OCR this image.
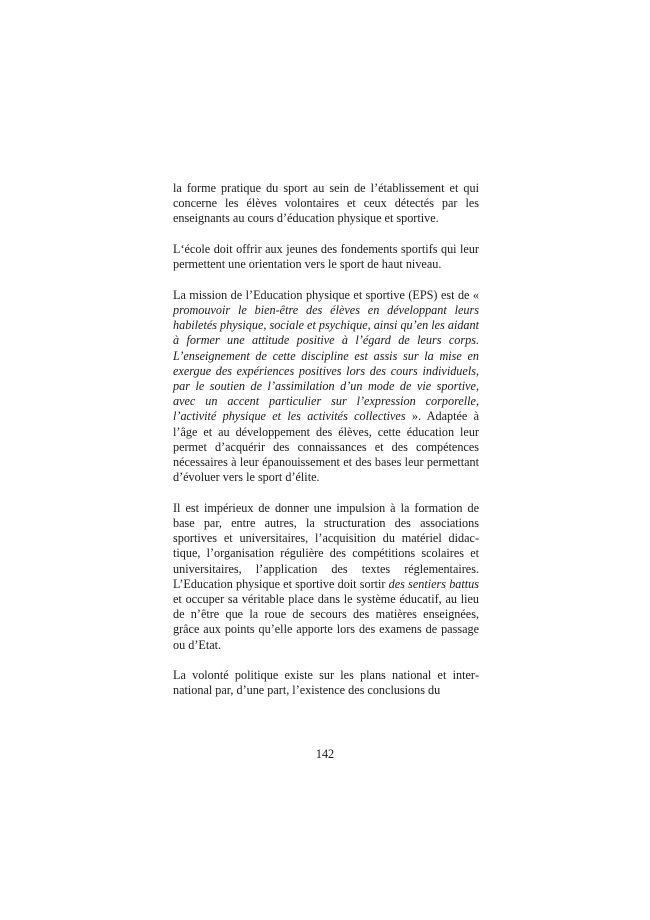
la forme pratique du sport au sein de l’établissement et qui concerne les élèves volontaires et ceux détectés par les enseignants au cours d’éducation physique et sportive.

L‘école doit offrir aux jeunes des fondements sportifs qui leur permettent une orientation vers le sport de haut niveau.

La mission de l’Education physique et sportive (EPS) est de « promouvoir le bien-être des élèves en développant leurs habiletés physique, sociale et psychique, ainsi qu’en les aidant à former une attitude positive à l’égard de leurs corps. L’enseignement de cette discipline est assis sur la mise en exergue des expériences positives lors des cours individuels, par le soutien de l’assimilation d’un mode de vie sportive, avec un accent particulier sur l’expression corporelle, l’activité physique et les activités collectives ». Adaptée à l’âge et au développement des élèves, cette éducation leur permet d’acquérir des connaissances et des compétences nécessaires à leur épanouissement et des bases leur permettant d’évoluer vers le sport d’élite.

Il est impérieux de donner une impulsion à la formation de base par, entre autres, la structuration des associations sportives et universitaires, l’acquisition du matériel didactique, l’organisation régulière des compétitions scolaires et universitaires, l’application des textes réglementaires. L’Education physique et sportive doit sortir des sentiers battus et occuper sa véritable place dans le système éducatif, au lieu de n’être que la roue de secours des matières enseignées, grâce aux points qu’elle apporte lors des examens de passage ou d’Etat.

La volonté politique existe sur les plans national et international par, d’une part, l’existence des conclusions du

142
